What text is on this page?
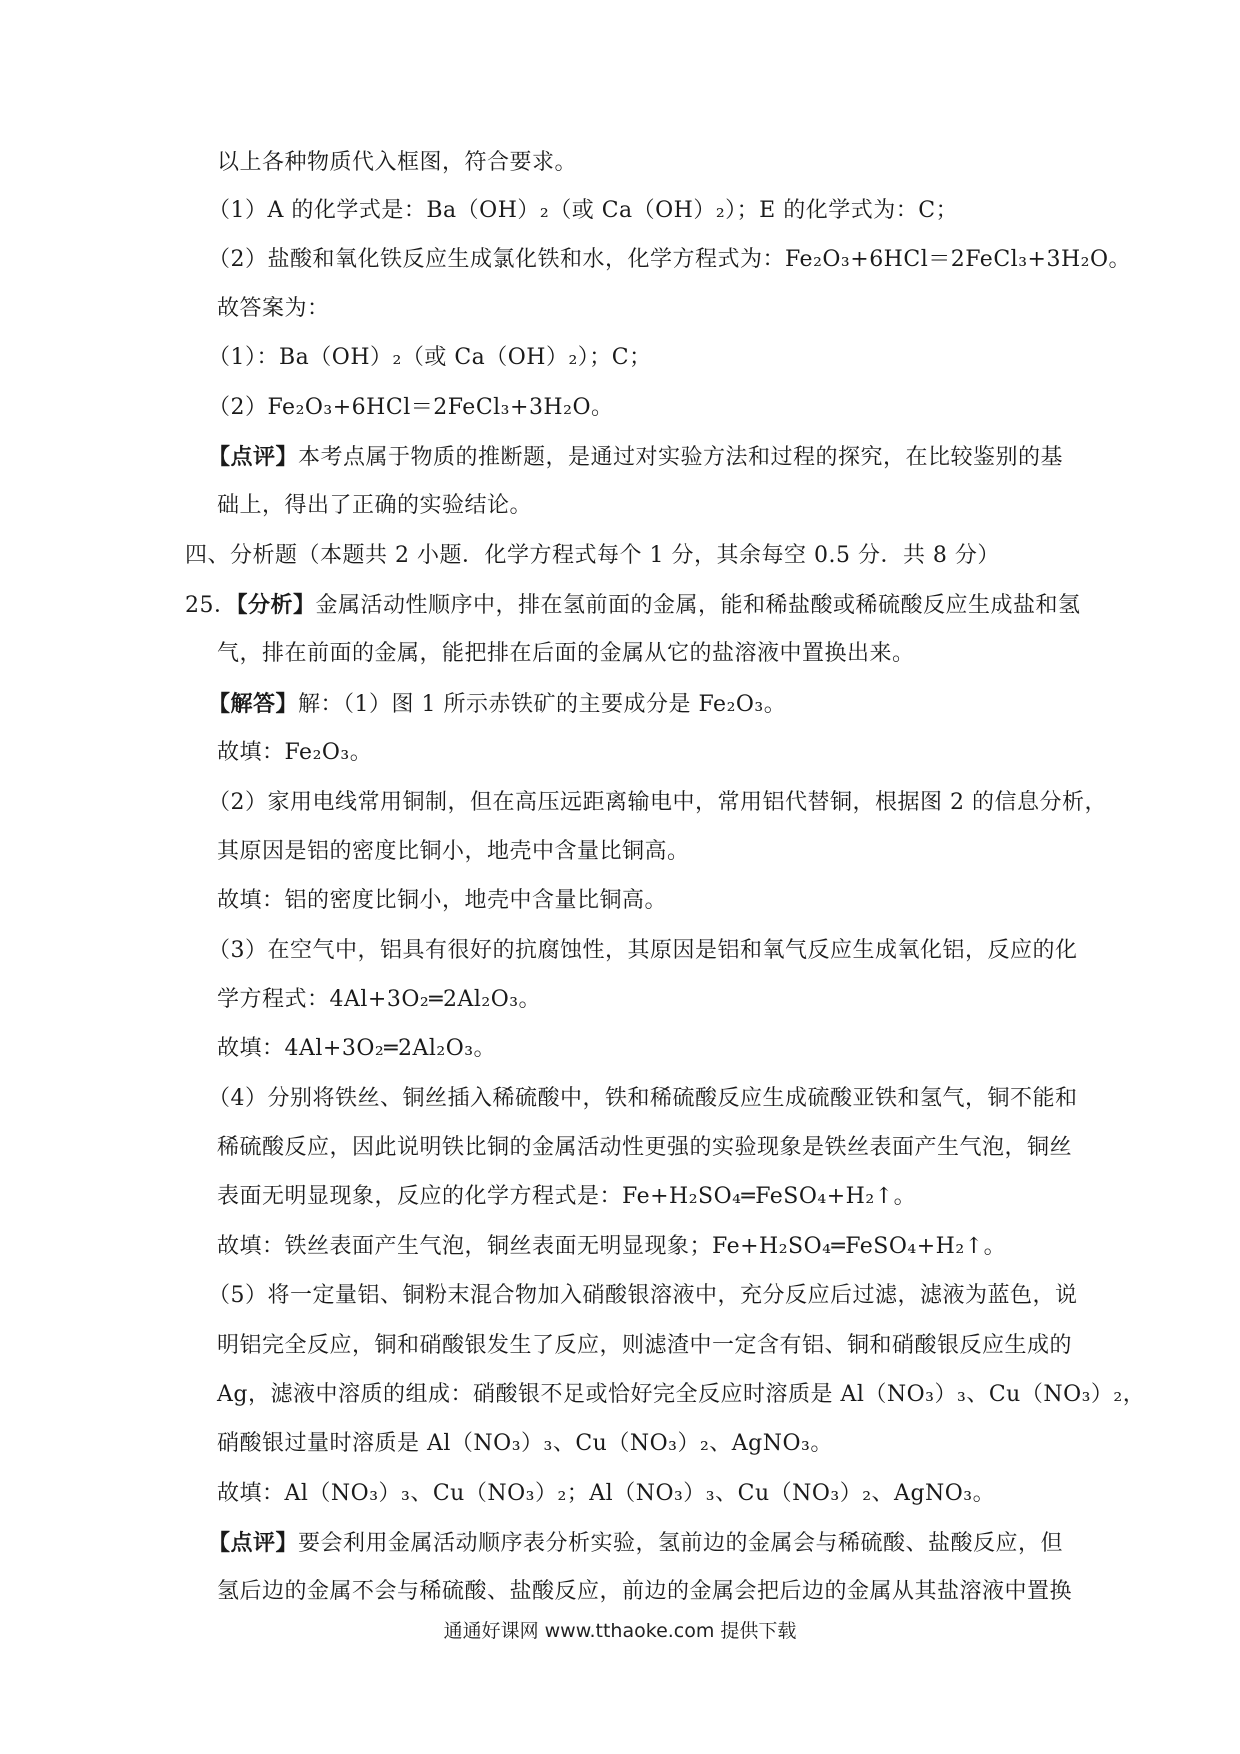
以上各种物质代入框图，符合要求。
（1）A 的化学式是：Ba（OH）₂（或 Ca（OH）₂）；E 的化学式为：C；
（2）盐酸和氧化铁反应生成氯化铁和水，化学方程式为：Fe₂O₃+6HCl＝2FeCl₃+3H₂O。
故答案为：
（1）：Ba（OH）₂（或 Ca（OH）₂）；C；
（2）Fe₂O₃+6HCl＝2FeCl₃+3H₂O。
【点评】本考点属于物质的推断题，是通过对实验方法和过程的探究，在比较鉴别的基
础上，得出了正确的实验结论。
四、分析题（本题共 2 小题．化学方程式每个 1 分，其余每空 0.5 分．共 8 分）
25．【分析】金属活动性顺序中，排在氢前面的金属，能和稀盐酸或稀硫酸反应生成盐和氢
气，排在前面的金属，能把排在后面的金属从它的盐溶液中置换出来。
【解答】解：（1）图 1 所示赤铁矿的主要成分是 Fe₂O₃。
故填：Fe₂O₃。
（2）家用电线常用铜制，但在高压远距离输电中，常用铝代替铜，根据图 2 的信息分析，
其原因是铝的密度比铜小，地壳中含量比铜高。
故填：铝的密度比铜小，地壳中含量比铜高。
（3）在空气中，铝具有很好的抗腐蚀性，其原因是铝和氧气反应生成氧化铝，反应的化
学方程式：4Al+3O₂═2Al₂O₃。
故填：4Al+3O₂═2Al₂O₃。
（4）分别将铁丝、铜丝插入稀硫酸中，铁和稀硫酸反应生成硫酸亚铁和氢气，铜不能和
稀硫酸反应，因此说明铁比铜的金属活动性更强的实验现象是铁丝表面产生气泡，铜丝
表面无明显现象，反应的化学方程式是：Fe+H₂SO₄═FeSO₄+H₂↑。
故填：铁丝表面产生气泡，铜丝表面无明显现象；Fe+H₂SO₄═FeSO₄+H₂↑。
（5）将一定量铝、铜粉末混合物加入硝酸银溶液中，充分反应后过滤，滤液为蓝色，说
明铝完全反应，铜和硝酸银发生了反应，则滤渣中一定含有铝、铜和硝酸银反应生成的
Ag，滤液中溶质的组成：硝酸银不足或恰好完全反应时溶质是 Al（NO₃）₃、Cu（NO₃）₂，
硝酸银过量时溶质是 Al（NO₃）₃、Cu（NO₃）₂、AgNO₃。
故填：Al（NO₃）₃、Cu（NO₃）₂；Al（NO₃）₃、Cu（NO₃）₂、AgNO₃。
【点评】要会利用金属活动顺序表分析实验，氢前边的金属会与稀硫酸、盐酸反应，但
氢后边的金属不会与稀硫酸、盐酸反应，前边的金属会把后边的金属从其盐溶液中置换
通通好课网 www.tthaoke.com 提供下载
